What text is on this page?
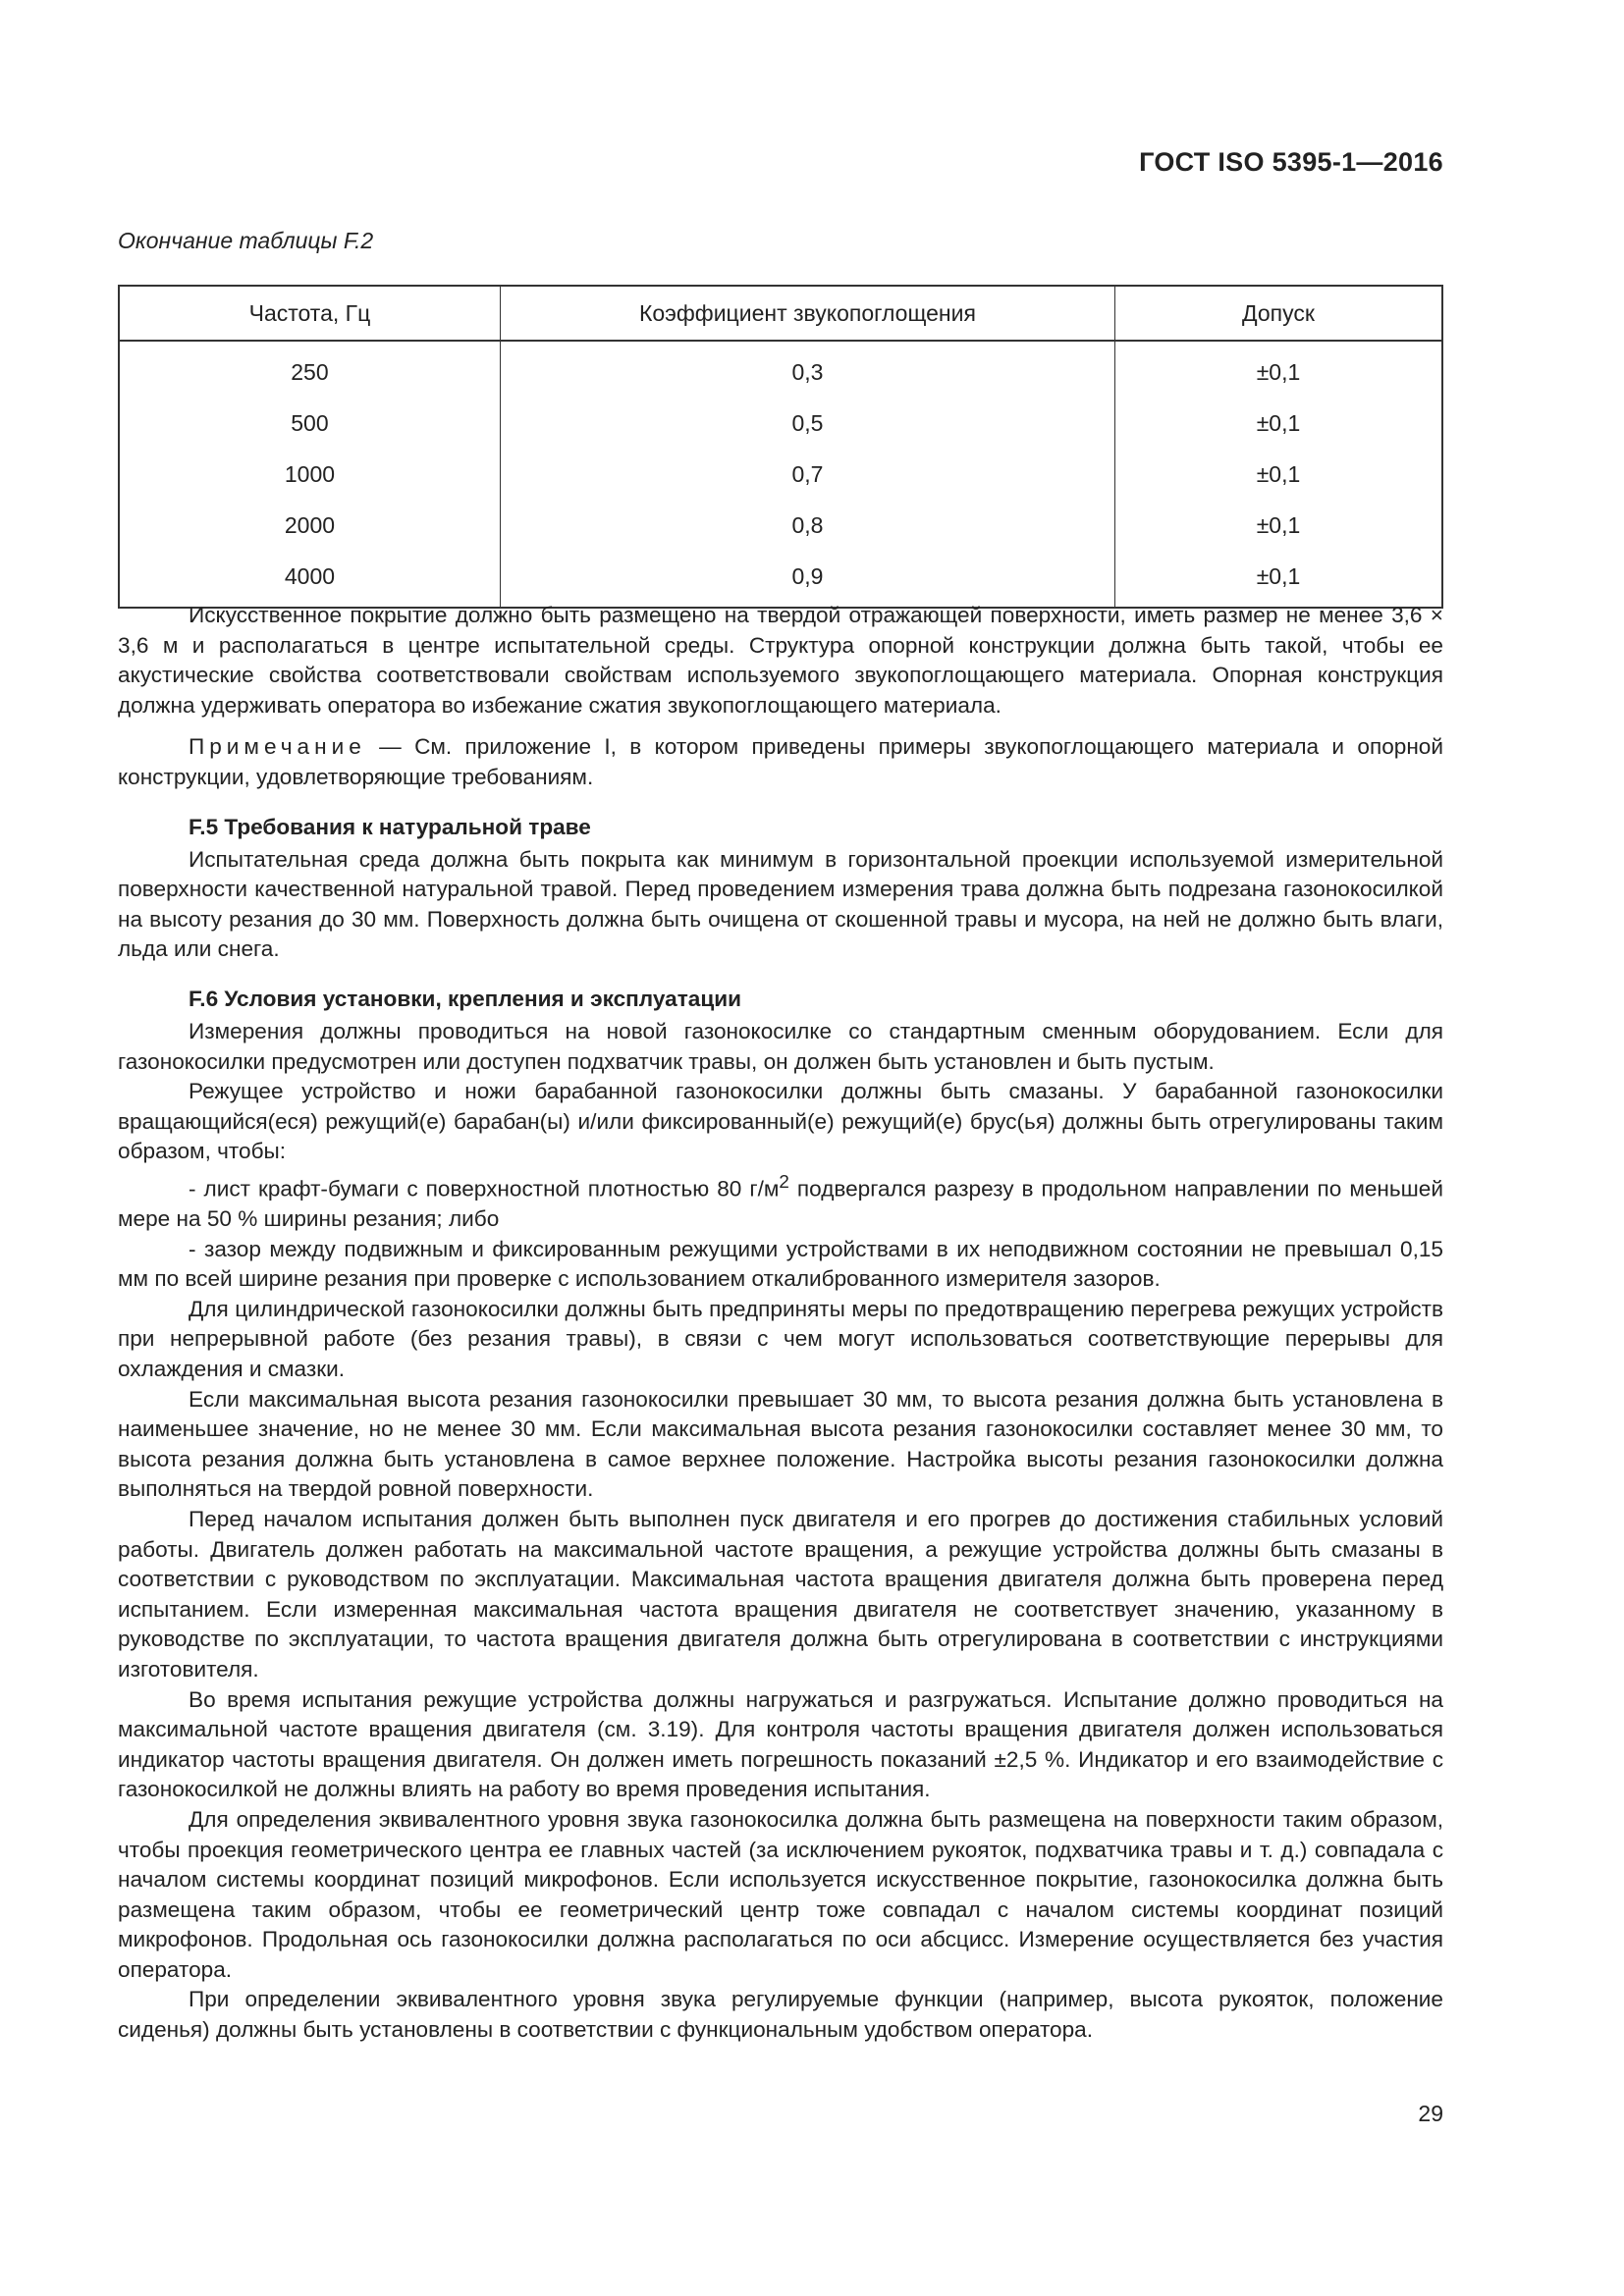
ГОСТ ISO 5395-1—2016
Окончание таблицы F.2
Частота, Гц	Коэффициент звукопоглощения	Допуск
250	0,3	±0,1
500	0,5	±0,1
1000	0,7	±0,1
2000	0,8	±0,1
4000	0,9	±0,1

Искусственное покрытие должно быть размещено на твердой отражающей поверхности, иметь размер не менее 3,6 × 3,6 м и располагаться в центре испытательной среды. Структура опорной конструкции должна быть такой, чтобы ее акустические свойства соответствовали свойствам используемого звукопоглощающего материала. Опорная конструкция должна удерживать оператора во избежание сжатия звукопоглощающего материала.

Примечание — См. приложение I, в котором приведены примеры звукопоглощающего материала и опорной конструкции, удовлетворяющие требованиям.

F.5 Требования к натуральной траве

Испытательная среда должна быть покрыта как минимум в горизонтальной проекции используемой измерительной поверхности качественной натуральной травой. Перед проведением измерения трава должна быть подрезана газонокосилкой на высоту резания до 30 мм. Поверхность должна быть очищена от скошенной травы и мусора, на ней не должно быть влаги, льда или снега.

F.6 Условия установки, крепления и эксплуатации

Измерения должны проводиться на новой газонокосилке со стандартным сменным оборудованием. Если для газонокосилки предусмотрен или доступен подхватчик травы, он должен быть установлен и быть пустым.

Режущее устройство и ножи барабанной газонокосилки должны быть смазаны. У барабанной газонокосилки вращающийся(еся) режущий(е) барабан(ы) и/или фиксированный(е) режущий(е) брус(ья) должны быть отрегулированы таким образом, чтобы:

- лист крафт-бумаги с поверхностной плотностью 80 $г/м^2$ подвергался разрезу в продольном направлении по меньшей мере на 50 % ширины резания; либо

- зазор между подвижным и фиксированным режущими устройствами в их неподвижном состоянии не превышал 0,15 мм по всей ширине резания при проверке с использованием откалиброванного измерителя зазоров.

Для цилиндрической газонокосилки должны быть предприняты меры по предотвращению перегрева режущих устройств при непрерывной работе (без резания травы), в связи с чем могут использоваться соответствующие перерывы для охлаждения и смазки.

Если максимальная высота резания газонокосилки превышает 30 мм, то высота резания должна быть установлена в наименьшее значение, но не менее 30 мм. Если максимальная высота резания газонокосилки составляет менее 30 мм, то высота резания должна быть установлена в самое верхнее положение. Настройка высоты резания газонокосилки должна выполняться на твердой ровной поверхности.

Перед началом испытания должен быть выполнен пуск двигателя и его прогрев до достижения стабильных условий работы. Двигатель должен работать на максимальной частоте вращения, а режущие устройства должны быть смазаны в соответствии с руководством по эксплуатации. Максимальная частота вращения двигателя должна быть проверена перед испытанием. Если измеренная максимальная частота вращения двигателя не соответствует значению, указанному в руководстве по эксплуатации, то частота вращения двигателя должна быть отрегулирована в соответствии с инструкциями изготовителя.

Во время испытания режущие устройства должны нагружаться и разгружаться. Испытание должно проводиться на максимальной частоте вращения двигателя (см. 3.19). Для контроля частоты вращения двигателя должен использоваться индикатор частоты вращения двигателя. Он должен иметь погрешность показаний ±2,5 %. Индикатор и его взаимодействие с газонокосилкой не должны влиять на работу во время проведения испытания.

Для определения эквивалентного уровня звука газонокосилка должна быть размещена на поверхности таким образом, чтобы проекция геометрического центра ее главных частей (за исключением рукояток, подхватчика травы и т. д.) совпадала с началом системы координат позиций микрофонов. Если используется искусственное покрытие, газонокосилка должна быть размещена таким образом, чтобы ее геометрический центр тоже совпадал с началом системы координат позиций микрофонов. Продольная ось газонокосилки должна располагаться по оси абсцисс. Измерение осуществляется без участия оператора.

При определении эквивалентного уровня звука регулируемые функции (например, высота рукояток, положение сиденья) должны быть установлены в соответствии с функциональным удобством оператора.

29
